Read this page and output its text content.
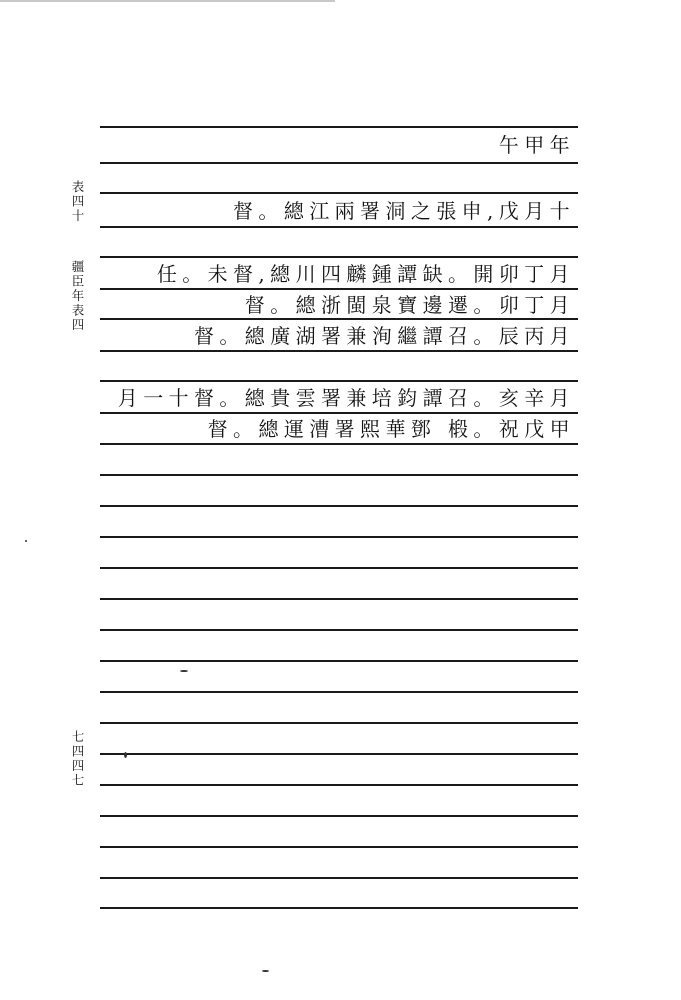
表四十
疆臣年表四
七四四七
午甲年
督。總江兩署洞之張申,戊月十
任。未督,總川四麟鍾譚缺。開卯丁月
督。總浙閩泉寶邊遷。卯丁月
督。總廣湖署兼洵繼譚召。辰丙月
月一十督。總貴雲署兼培鈞譚召。亥辛月
督。總運漕署熙華鄧 椴。祝戊甲
